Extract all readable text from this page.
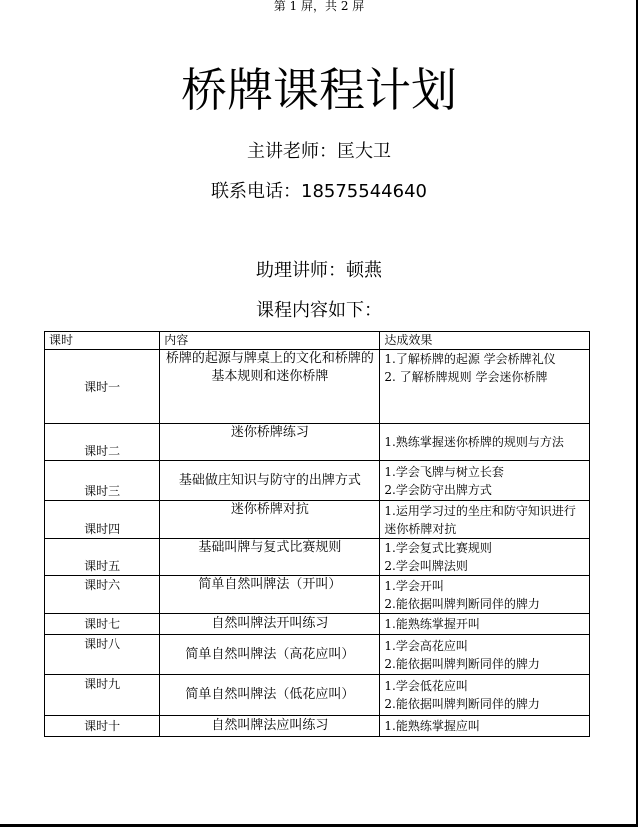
第 1 屏，共 2 屏
桥牌课程计划
主讲老师：匡大卫
联系电话：18575544640
助理讲师：顿燕
课程内容如下：
课时	内容	达成效果
课时一	桥牌的起源与牌桌上的文化和桥牌的基本规则和迷你桥牌	1.了解桥牌的起源 学会桥牌礼仪
2. 了解桥牌规则 学会迷你桥牌

课时二	迷你桥牌练习	1.熟练掌握迷你桥牌的规则与方法

课时三	基础做庄知识与防守的出牌方式	1.学会飞牌与树立长套
2.学会防守出牌方式

课时四	迷你桥牌对抗	1.运用学习过的坐庄和防守知识进行迷你桥牌对抗

课时五	基础叫牌与复式比赛规则	1.学会复式比赛规则
2.学会叫牌法则

课时六	简单自然叫牌法（开叫）	1.学会开叫
2.能依据叫牌判断同伴的牌力

课时七	自然叫牌法开叫练习	1.能熟练掌握开叫

课时八	简单自然叫牌法（高花应叫）	1.学会高花应叫
2.能依据叫牌判断同伴的牌力

课时九	简单自然叫牌法（低花应叫）	1.学会低花应叫
2.能依据叫牌判断同伴的牌力

课时十	自然叫牌法应叫练习	1.能熟练掌握应叫
